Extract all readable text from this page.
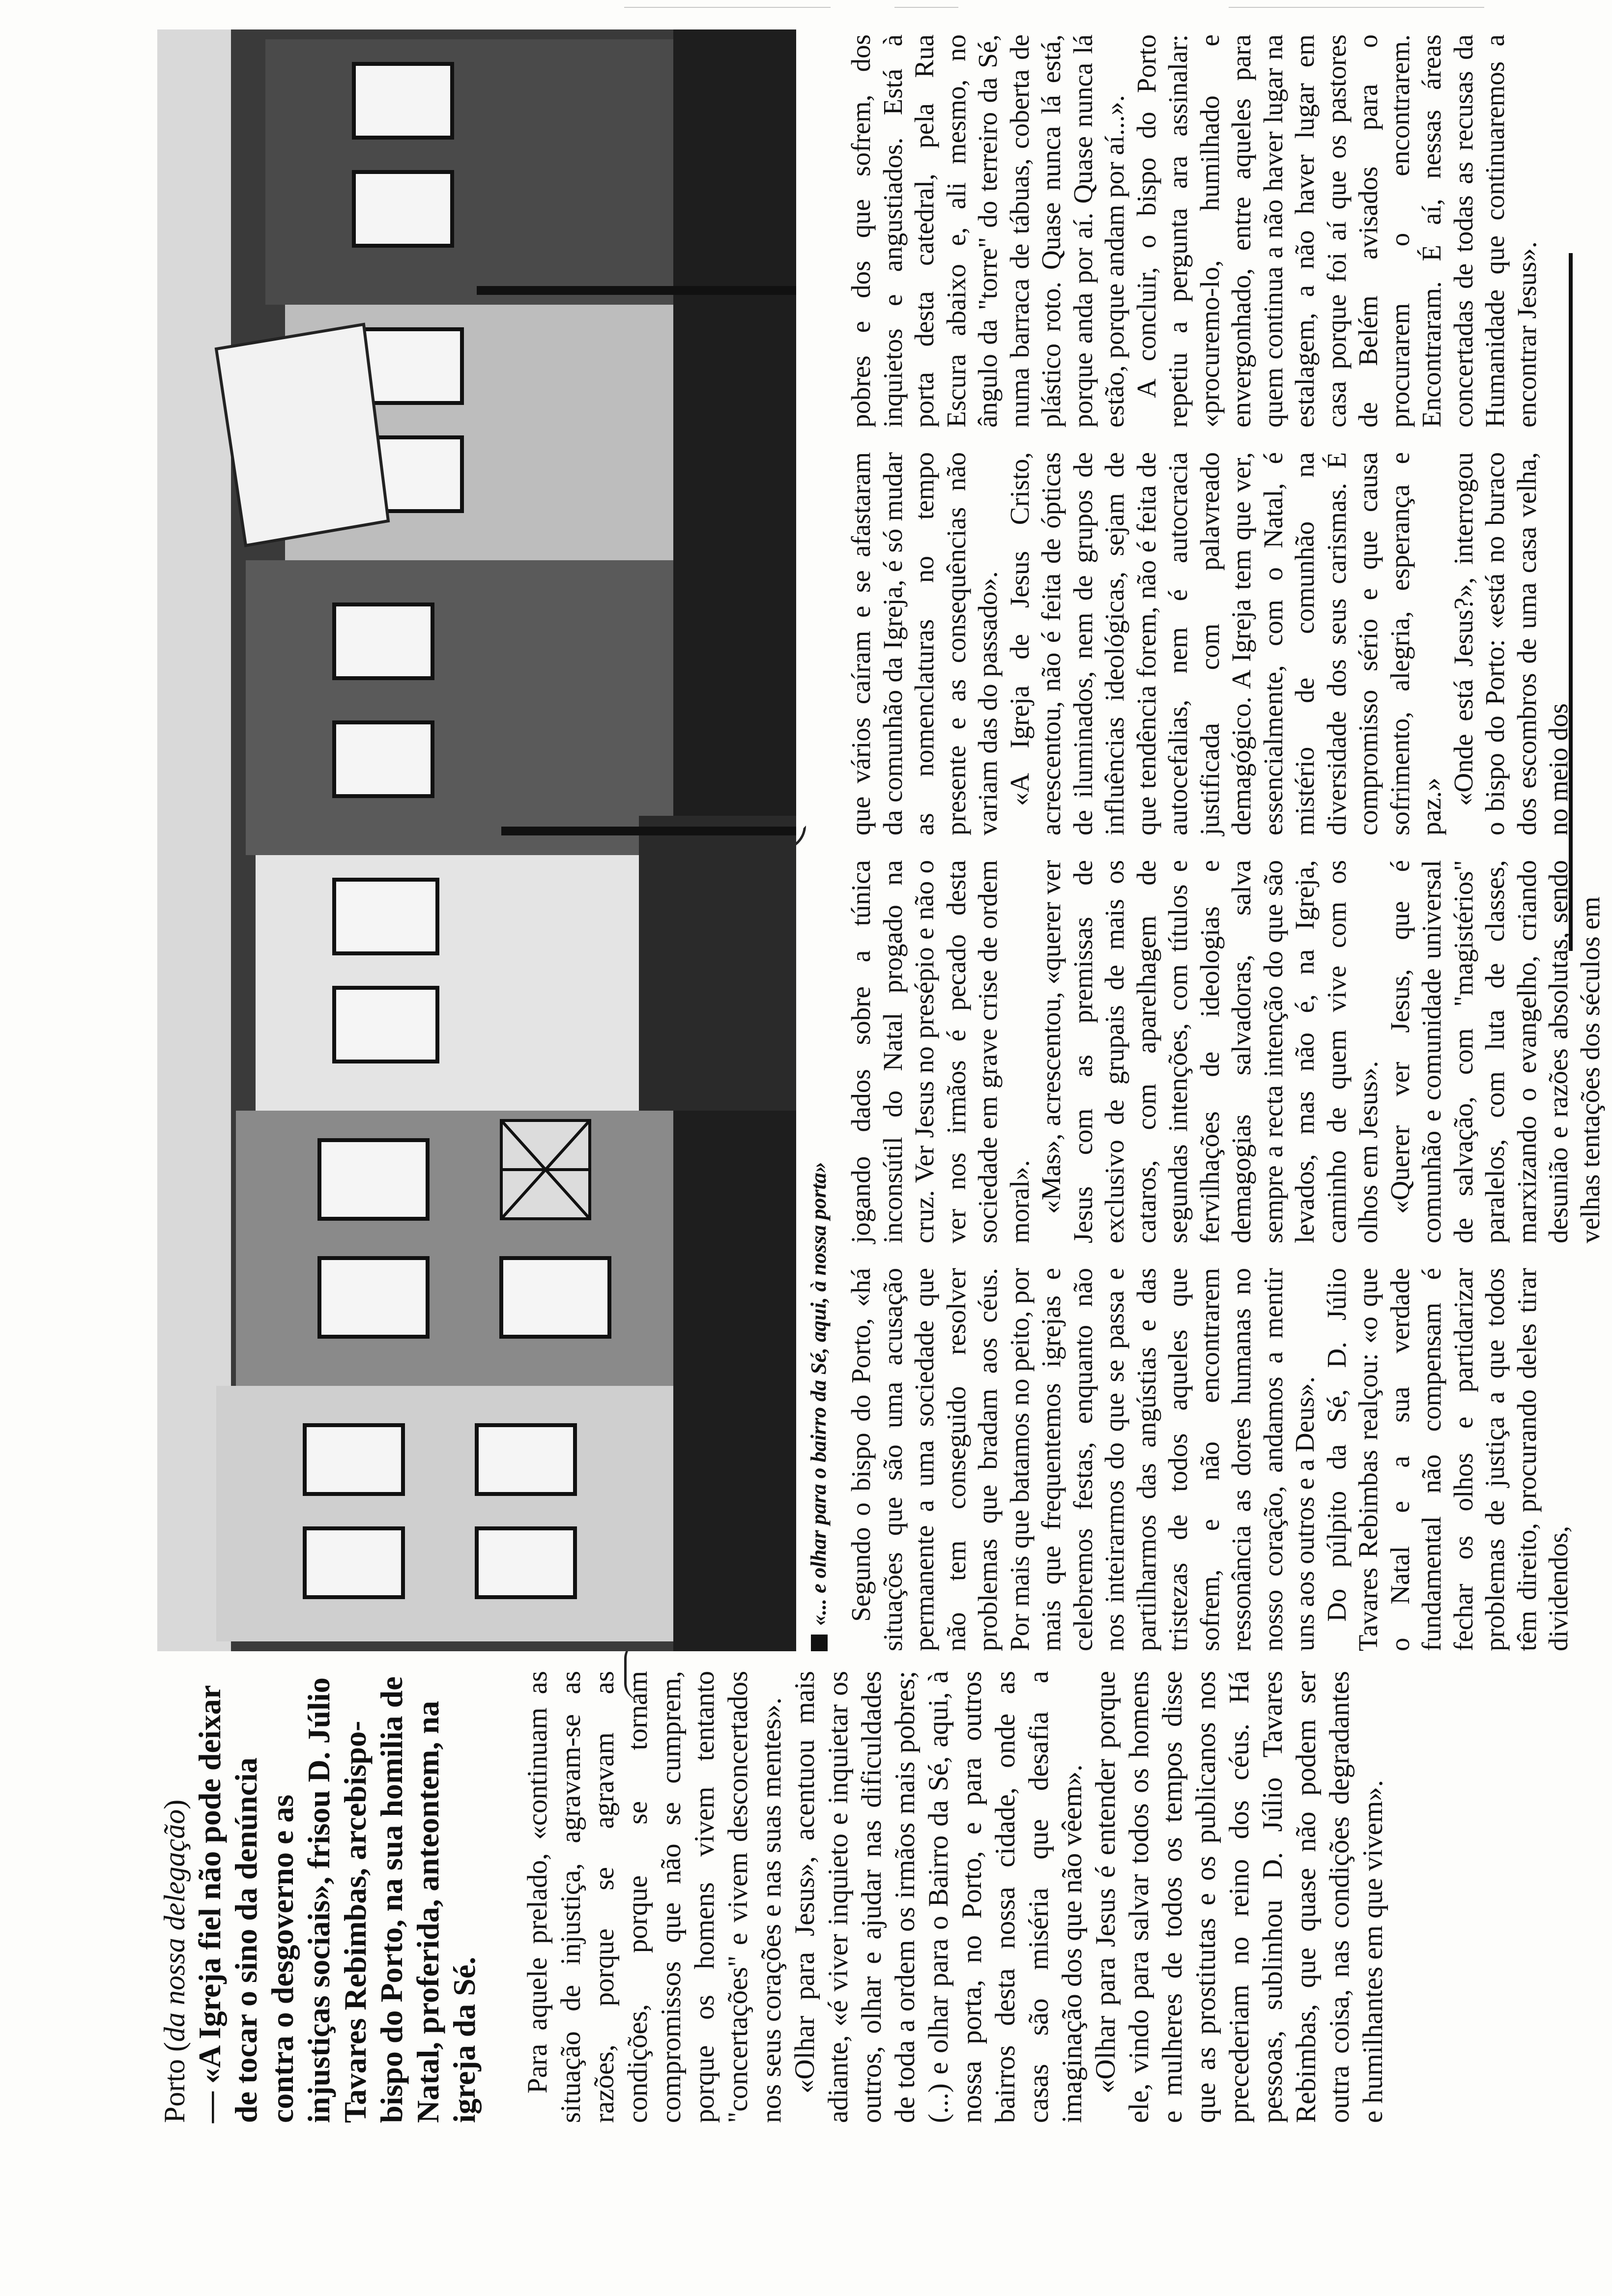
Porto (da nossa delegação) — «A Igreja fiel não pode deixar de tocar o sino da denúncia contra o desgoverno e as injustiças sociais», frisou D. Júlio Tavares Rebimbas, arcebispo-bispo do Porto, na sua homilia de Natal, proferida, anteontem, na igreja da Sé. Para aquele prelado, «continuam as situação de injustiça, agravam-se as razões, porque se agravam as condições, porque se tornam compromissos que não se cumprem, porque os homens vivem tentanto "concertações" e vivem desconcertados nos seus corações e nas suas mentes». «Olhar para Jesus», acentuou mais adiante, «é viver inquieto e inquietar os outros, olhar e ajudar nas dificuldades de toda a ordem os irmãos mais pobres; (...) e olhar para o Bairro da Sé, aqui, à nossa porta, no Porto, e para outros bairros desta nossa cidade, onde as casas são miséria que desafia a imaginação dos que não vêem». «Olhar para Jesus é entender porque ele, vindo para salvar todos os homens e mulheres de todos os tempos disse que as prostitutas e os publicanos nos precederiam no reino dos céus. Há pessoas, sublinhou D. Júlio Tavares Rebimbas, que quase não podem ser outra coisa, nas condições degradantes e humilhantes em que vivem».

«... e olhar para o bairro da Sé, aqui, à nossa porta» Segundo o bispo do Porto, «há situações que são uma acusação permanente a uma sociedade que não tem conseguido resolver problemas que bradam aos céus. Por mais que batamos no peito, por mais que frequentemos igrejas e celebremos festas, enquanto não nos inteirarmos do que se passa e partilharmos das angústias e das tristezas de todos aqueles que sofrem, e não encontrarem ressonância as dores humanas no nosso coração, andamos a mentir uns aos outros e a Deus». Do púlpito da Sé, D. Júlio Tavares Rebimbas realçou: «o que o Natal e a sua verdade fundamental não compensam é fechar os olhos e partidarizar problemas de justiça a que todos têm direito, procurando deles tirar dividendos,

jogando dados sobre a túnica inconsútil do Natal progado na cruz. Ver Jesus no presépio e não o ver nos irmãos é pecado desta sociedade em grave crise de ordem moral». «Mas», acrescentou, «querer ver Jesus com as premissas de exclusivo de grupais de mais os cataros, com aparelhagem de segundas intenções, com títulos e fervilhações de ideologias e demagogias salvadoras, salva sempre a recta intenção do que são levados, mas não é, na Igreja, caminho de quem vive com os olhos em Jesus». «Querer ver Jesus, que é comunhão e comunidade universal de salvação, com "magistérios" paralelos, com luta de classes, marxizando o evangelho, criando desunião e razões absolutas, sendo velhas tentações dos séculos em

que vários caíram e se afastaram da comunhão da Igreja, é só mudar as nomenclaturas no tempo presente e as consequências não variam das do passado». «A Igreja de Jesus Cristo, acrescentou, não é feita de ópticas de iluminados, nem de grupos de influências ideológicas, sejam de que tendência forem, não é feita de autocefalias, nem é autocracia justificada com palavreado demagógico. A Igreja tem que ver, essencialmente, com o Natal, é mistério de comunhão na diversidade dos seus carismas. É compromisso sério e que causa sofrimento, alegria, esperança e paz.»

«Onde está Jesus?», interrogou o bispo do Porto: «está no buraco dos escombros de uma casa velha, no meio dos

pobres e dos que sofrem, dos inquietos e angustiados. Está à porta desta catedral, pela Rua Escura abaixo e, ali mesmo, no ângulo da "torre" do terreiro da Sé, numa barraca de tábuas, coberta de plástico roto. Quase nunca lá está, porque anda por aí. Quase nunca lá estão, porque andam por aí...». A concluir, o bispo do Porto repetiu a pergunta ara assinalar: «procuremo-lo, humilhado e envergonhado, entre aqueles para quem continua a não haver lugar na estalagem, a não haver lugar em casa porque foi aí que os pastores de Belém avisados para o procurarem o encontrarem. Encontraram. É aí, nessas áreas concertadas de todas as recusas da Humanidade que continuaremos a encontrar Jesus».
